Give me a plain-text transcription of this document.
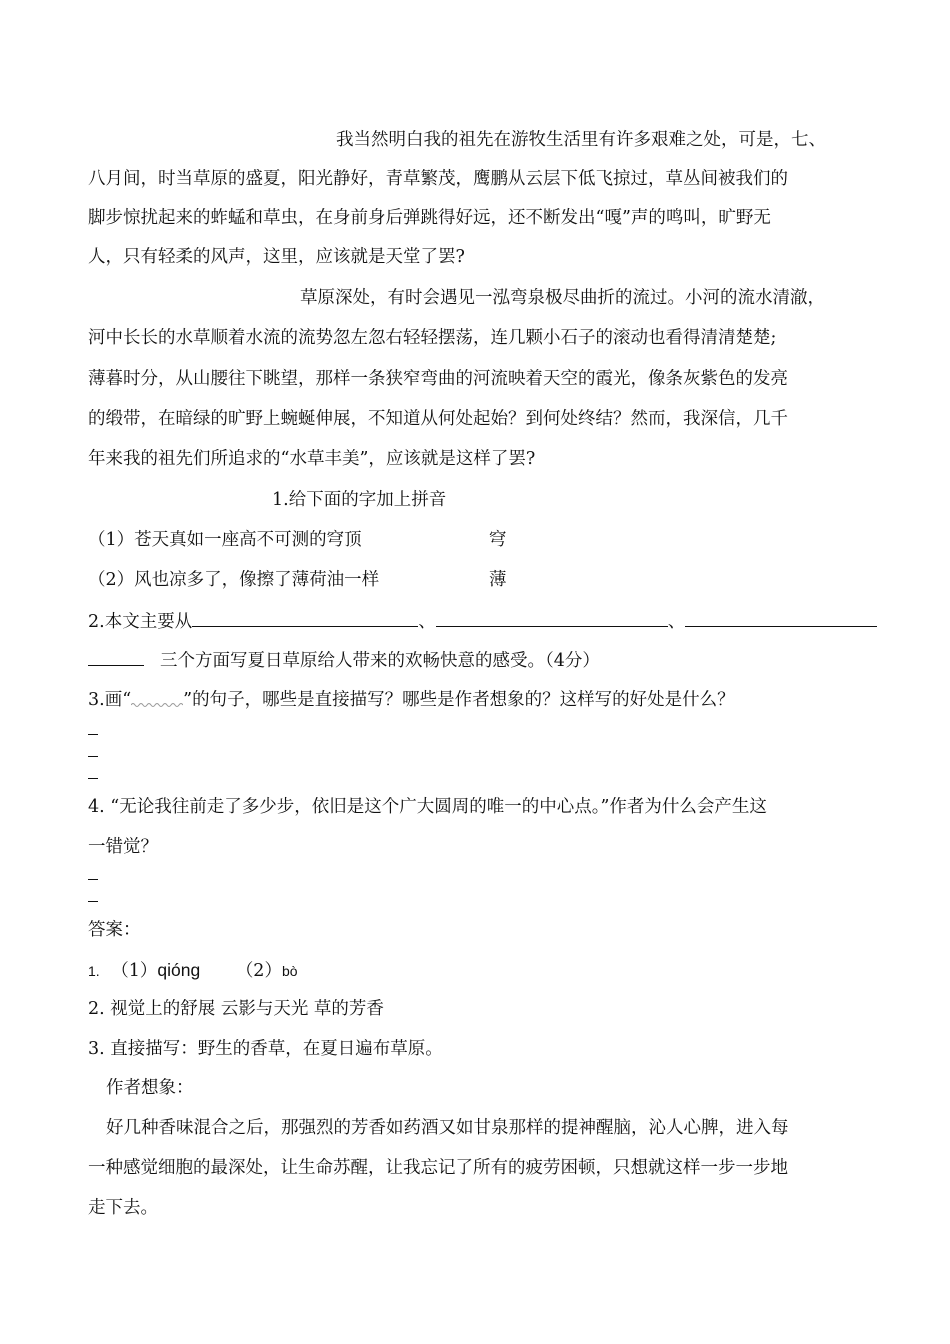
我当然明白我的祖先在游牧生活里有许多艰难之处，可是，七、
八月间，时当草原的盛夏，阳光静好，青草繁茂，鹰鹏从云层下低飞掠过，草丛间被我们的
脚步惊扰起来的蚱蜢和草虫，在身前身后弹跳得好远，还不断发出“嘎”声的鸣叫，旷野无
人，只有轻柔的风声，这里，应该就是天堂了罢?
草原深处，有时会遇见一泓弯泉极尽曲折的流过。小河的流水清澈，
河中长长的水草顺着水流的流势忽左忽右轻轻摆荡，连几颗小石子的滚动也看得清清楚楚;
薄暮时分，从山腰往下眺望，那样一条狭窄弯曲的河流映着天空的霞光，像条灰紫色的发亮
的缎带，在暗绿的旷野上蜿蜒伸展，不知道从何处起始？到何处终结？然而，我深信，几千
年来我的祖先们所追求的“水草丰美”，应该就是这样了罢?
1.给下面的字加上拼音
（1）苍天真如一座高不可测的穹顶	穹
（2）风也凉多了，像擦了薄荷油一样	薄
2.本文主要从	、	、
三个方面写夏日草原给人带来的欢畅快意的感受。（4分）
3.画“	”的句子，哪些是直接描写？哪些是作者想象的？这样写的好处是什么？
4. “无论我往前走了多少步，依旧是这个广大圆周的唯一的中心点。”作者为什么会产生这
一错觉？
答案：
1. （1）qióng （2）bò
2. 视觉上的舒展 云影与天光 草的芳香
3. 直接描写：野生的香草，在夏日遍布草原。
作者想象：
好几种香味混合之后，那强烈的芳香如药酒又如甘泉那样的提神醒脑，沁人心脾，进入每
一种感觉细胞的最深处，让生命苏醒，让我忘记了所有的疲劳困顿，只想就这样一步一步地
走下去。
